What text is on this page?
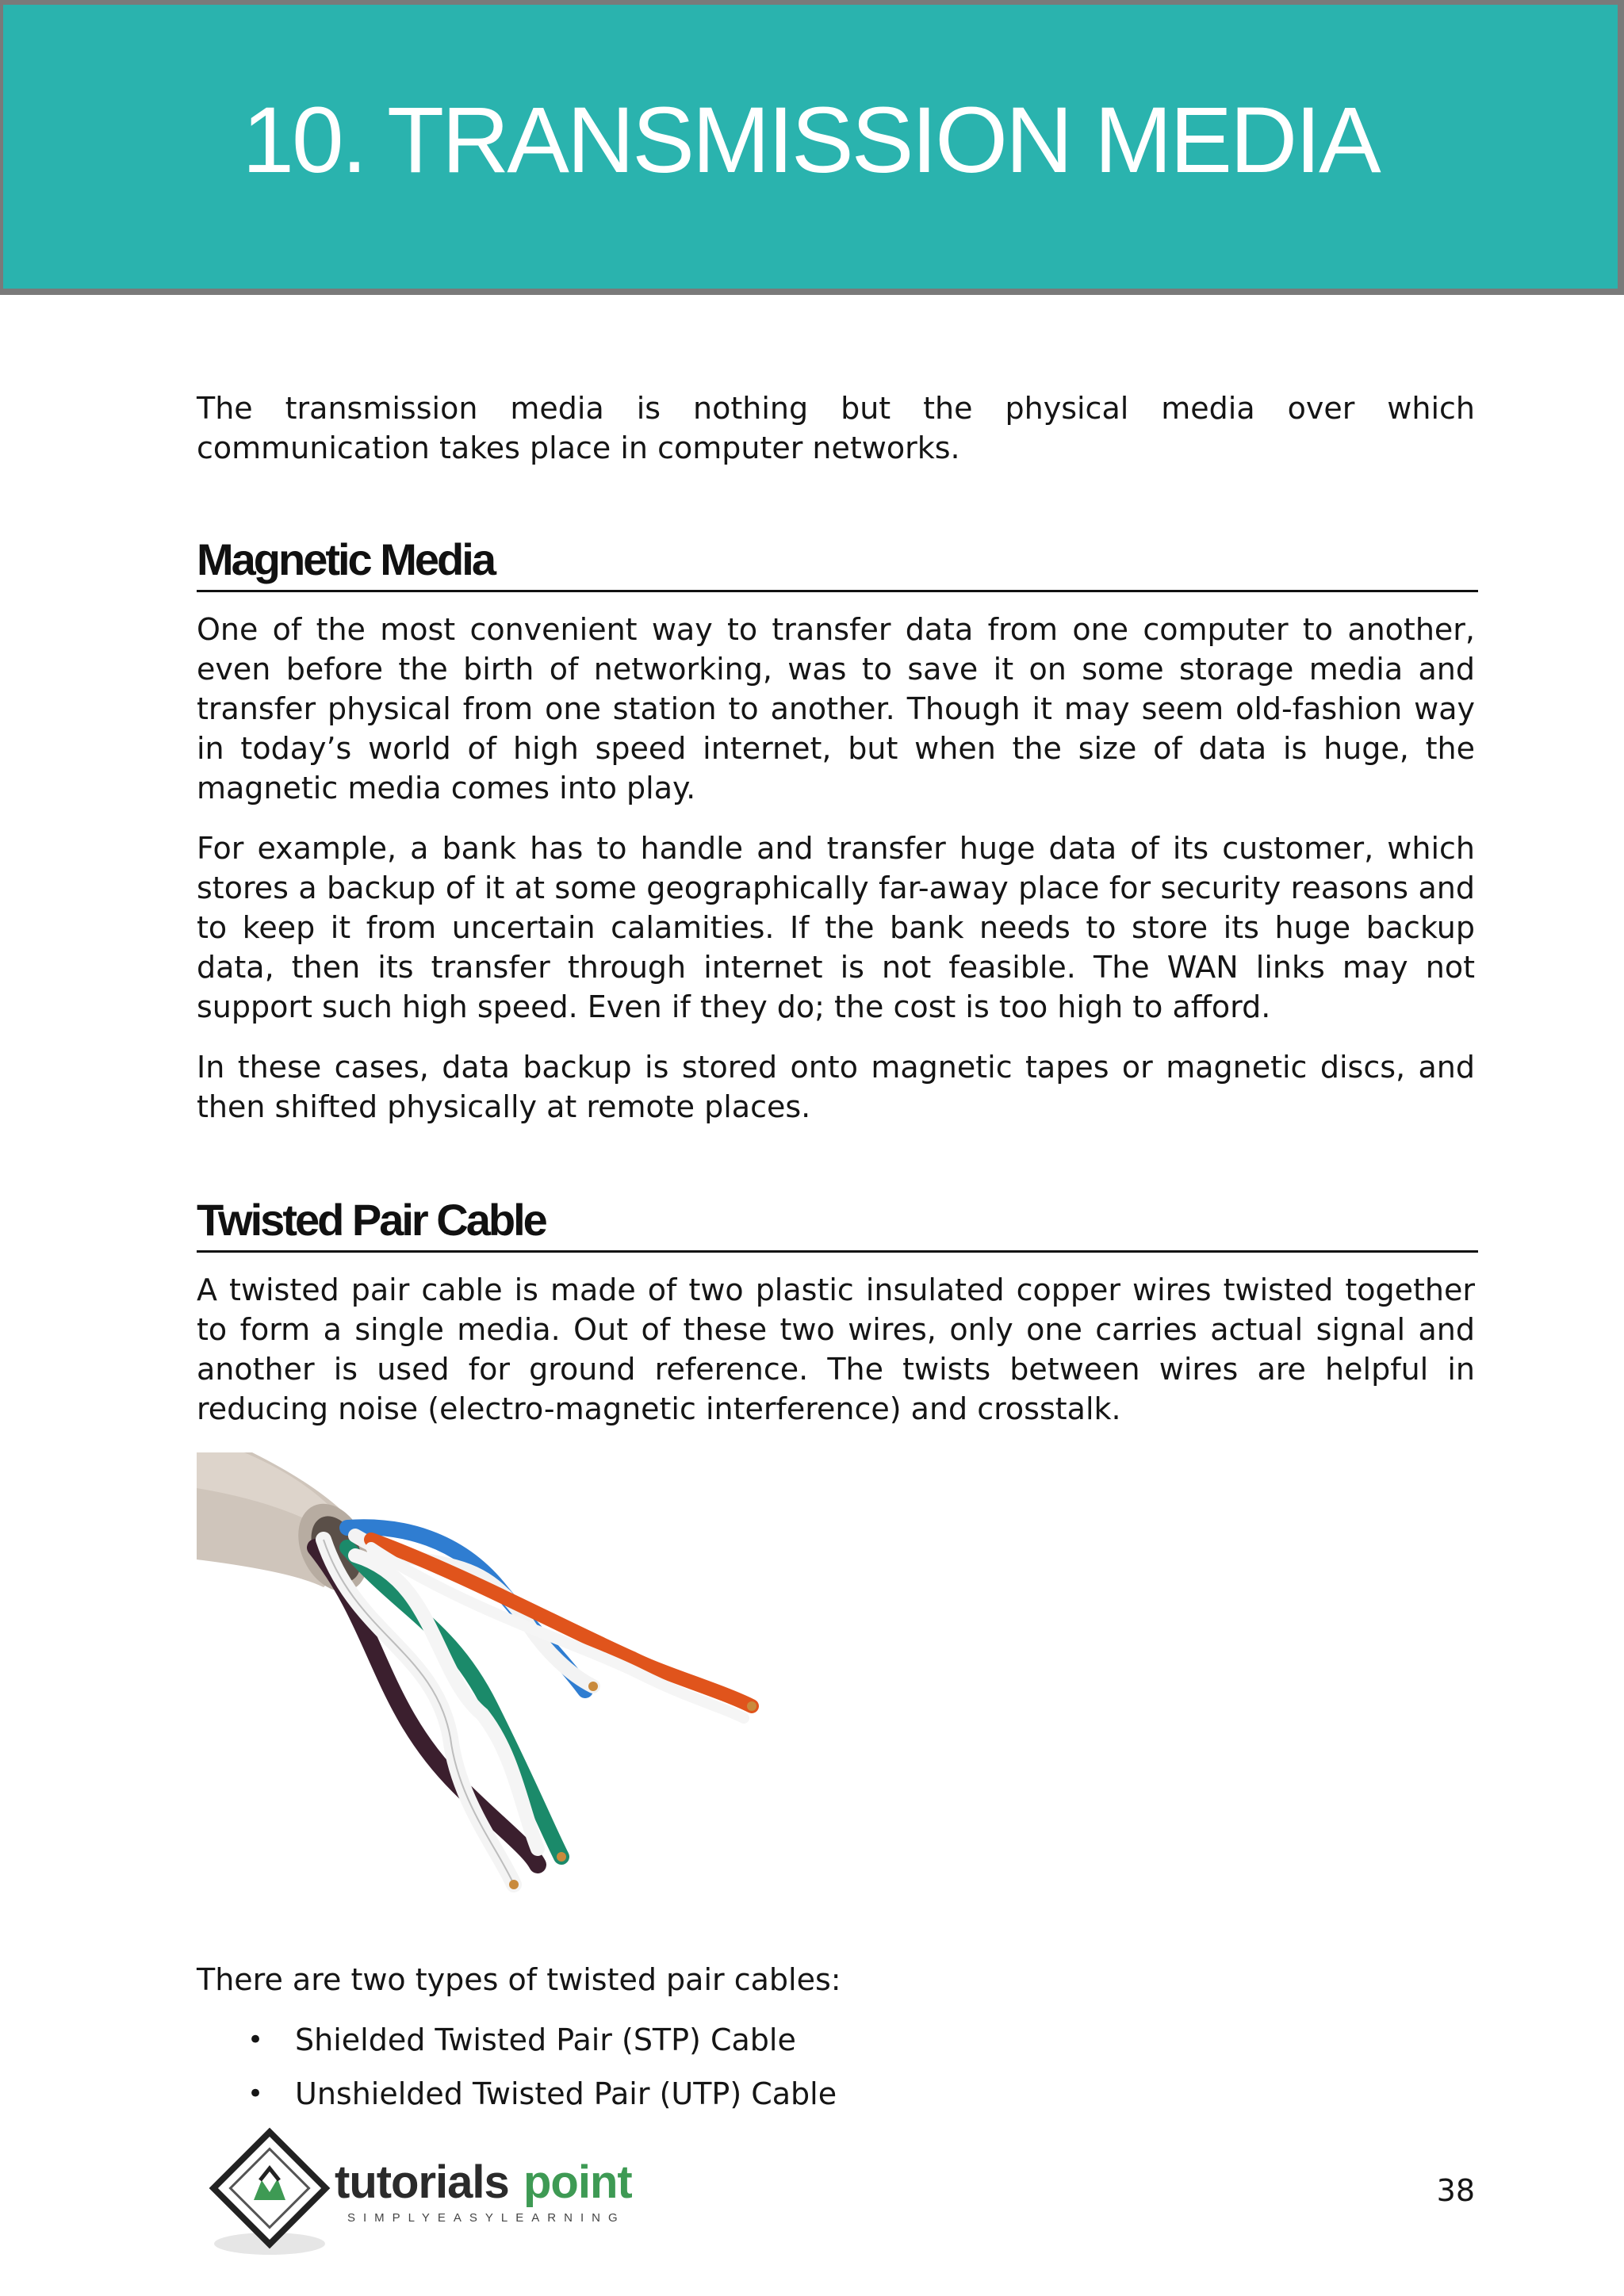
10. TRANSMISSION MEDIA

The transmission media is nothing but the physical media over which communication takes place in computer networks.

Magnetic Media

One of the most convenient way to transfer data from one computer to another, even before the birth of networking, was to save it on some storage media and transfer physical from one station to another. Though it may seem old-fashion way in today’s world of high speed internet, but when the size of data is huge, the magnetic media comes into play.

For example, a bank has to handle and transfer huge data of its customer, which stores a backup of it at some geographically far-away place for security reasons and to keep it from uncertain calamities. If the bank needs to store its huge backup data, then its transfer through internet is not feasible. The WAN links may not support such high speed. Even if they do; the cost is too high to afford.

In these cases, data backup is stored onto magnetic tapes or magnetic discs, and then shifted physically at remote places.

Twisted Pair Cable

A twisted pair cable is made of two plastic insulated copper wires twisted together to form a single media. Out of these two wires, only one carries actual signal and another is used for ground reference. The twists between wires are helpful in reducing noise (electro-magnetic interference) and crosstalk.

There are two types of twisted pair cables:

• Shielded Twisted Pair (STP) Cable
• Unshielded Twisted Pair (UTP) Cable
tutorials point
SIMPLYEASYLEARNING
38
